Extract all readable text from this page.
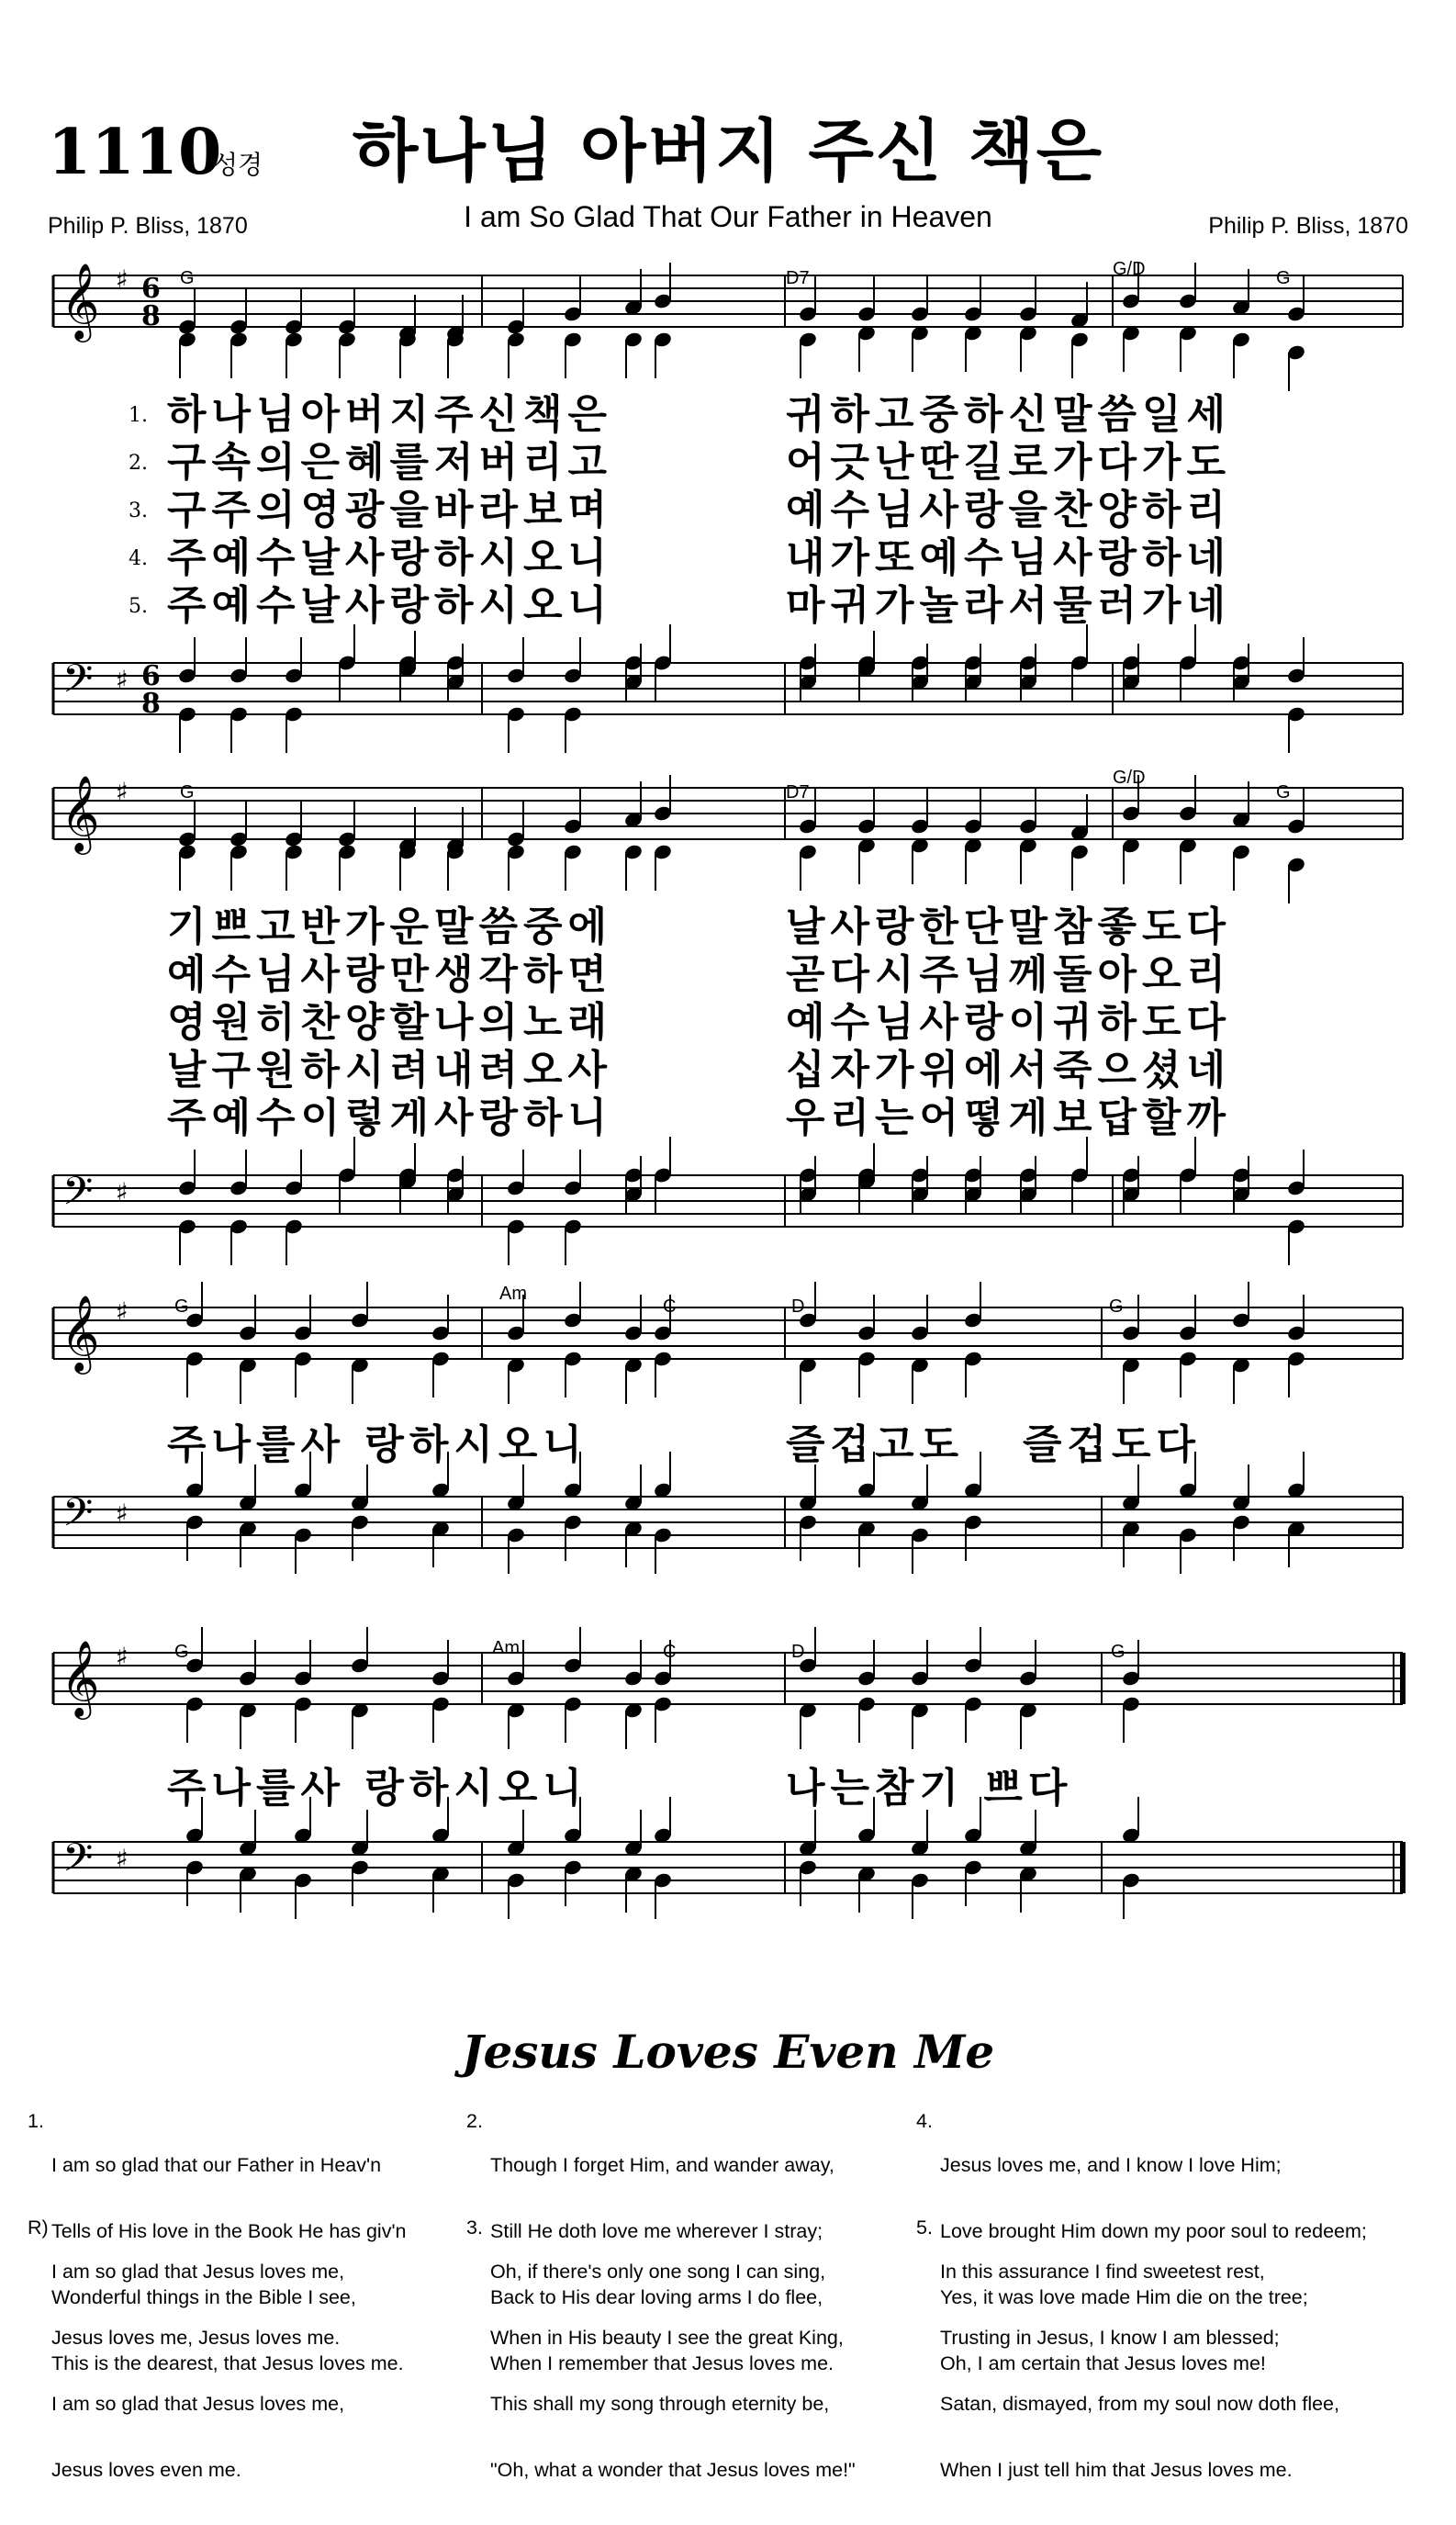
1110
성경	하나님 아버지 주신 책은
I am So Glad That Our Father in Heaven
Philip P. Bliss, 1870	Philip P. Bliss, 1870
𝄞
𝄢
♯
♯
6
8
6
8
𝄞
𝄢
♯
♯
𝄞
𝄢
♯
♯
𝄞
𝄢
♯
♯
G	D7	G/D	G
G	D7
G/D
G
G
Am
C	D	G
G	Am	C	D	G
1.
2.
3.
4.
5.
하나님아버지주신책은	귀하고중하신말씀일세
구속의은혜를저버리고	어긋난딴길로가다가도
구주의영광을바라보며	예수님사랑을찬양하리
주예수날사랑하시오니	내가또예수님사랑하네
주예수날사랑하시오니	마귀가놀라서물러가네
기쁘고반가운말씀중에	날사랑한단말참좋도다
예수님사랑만생각하면	곧다시주님께돌아오리
영원히찬양할나의노래	예수님사랑이귀하도다
날구원하시려내려오사	십자가위에서죽으셨네
주예수이렇게사랑하니	우리는어떻게보답할까
주나를사 랑하시오니	즐겁고도   즐겁도다
주나를사 랑하시오니	나는참기 쁘다
Jesus Loves Even Me
1.

I am so glad that our Father in Heav'n

Tells of His love in the Book He has giv'n

Wonderful things in the Bible I see,

This is the dearest, that Jesus loves me.

2.

Though I forget Him, and wander away,

Still He doth love me wherever I stray;

Back to His dear loving arms I do flee,

When I remember that Jesus loves me.

4.

Jesus loves me, and I know I love Him;

Love brought Him down my poor soul to redeem;

Yes, it was love made Him die on the tree;

Oh, I am certain that Jesus loves me!

R)

I am so glad that Jesus loves me,

Jesus loves me, Jesus loves me.

I am so glad that Jesus loves me,

Jesus loves even me.

3.

Oh, if there's only one song I can sing,

When in His beauty I see the great King,

This shall my song through eternity be,

"Oh, what a wonder that Jesus loves me!"

5.

In this assurance I find sweetest rest,

Trusting in Jesus, I know I am blessed;

Satan, dismayed, from my soul now doth flee,

When I just tell him that Jesus loves me.
